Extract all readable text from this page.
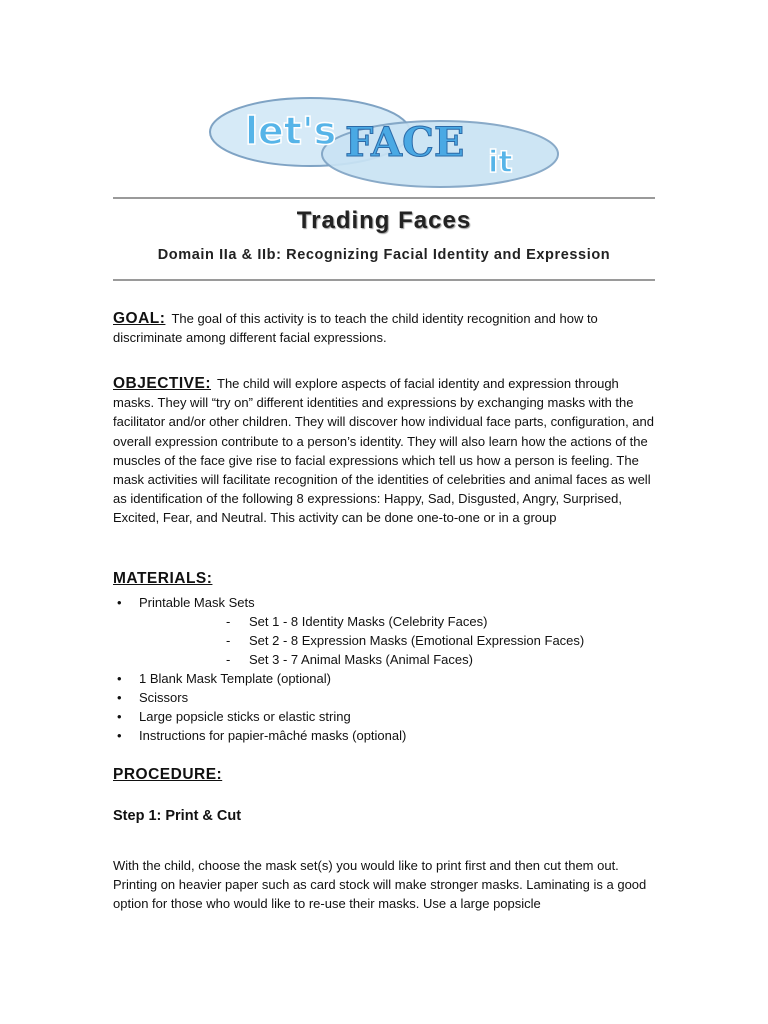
let's FACE it
Trading Faces
Domain IIa & IIb: Recognizing Facial Identity and Expression
GOAL: The goal of this activity is to teach the child identity recognition and how to discriminate among different facial expressions.
OBJECTIVE: The child will explore aspects of facial identity and expression through masks. They will “try on” different identities and expressions by exchanging masks with the facilitator and/or other children. They will discover how individual face parts, configuration, and overall expression contribute to a person’s identity. They will also learn how the actions of the muscles of the face give rise to facial expressions which tell us how a person is feeling. The mask activities will facilitate recognition of the identities of celebrities and animal faces as well as identification of the following 8 expressions: Happy, Sad, Disgusted, Angry, Surprised, Excited, Fear, and Neutral. This activity can be done one-to-one or in a group
MATERIALS:
• Printable Mask Sets
- Set 1 - 8 Identity Masks (Celebrity Faces)
- Set 2 - 8 Expression Masks (Emotional Expression Faces)
- Set 3 - 7 Animal Masks (Animal Faces)
• 1 Blank Mask Template (optional)
• Scissors
• Large popsicle sticks or elastic string
• Instructions for papier-mâché masks (optional)
PROCEDURE:
Step 1: Print & Cut
With the child, choose the mask set(s) you would like to print first and then cut them out. Printing on heavier paper such as card stock will make stronger masks. Laminating is a good option for those who would like to re-use their masks. Use a large popsicle
